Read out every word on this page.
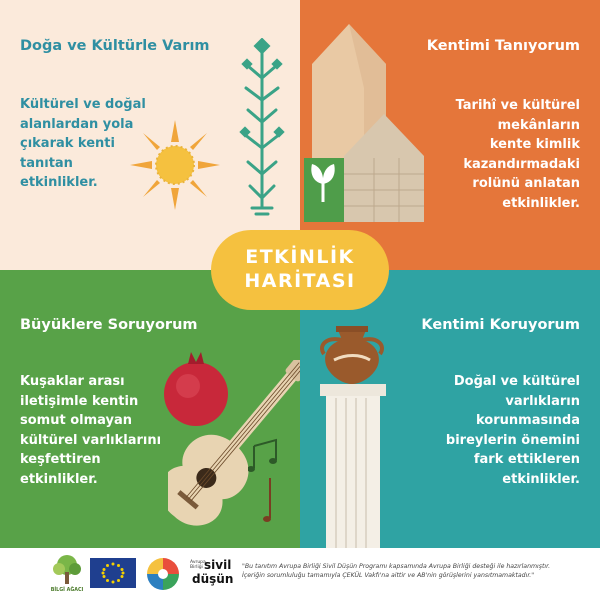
Doğa ve Kültürle Varım
Kültürel ve doğal
alanlardan yola
çıkarak kenti
tanıtan
etkinlikler.
Kentimi Tanıyorum
Tarihî ve kültürel
mekânların
kente kimlik
kazandırmadaki
rolünü anlatan
etkinlikler.
Büyüklere Soruyorum
Kuşaklar arası
iletişimle kentin
somut olmayan
kültürel varlıklarını
keşfettiren
etkinlikler.
Kentimi Koruyorum
Doğal ve kültürel
varlıkların
korunmasında
bireylerin önemini
fark ettikleren
etkinlikler.
ETKİNLİK
HARİTASI
BİLGİ AĞACI
Avrupa Birliği sivil
düşün
"Bu tanıtım Avrupa Birliği Sivil Düşün Programı kapsamında Avrupa Birliği desteği ile hazırlanmıştır.
İçeriğin sorumluluğu tamamıyla ÇEKÜL Vakfı'na aittir ve AB'nin görüşlerini yansıtmamaktadır."
